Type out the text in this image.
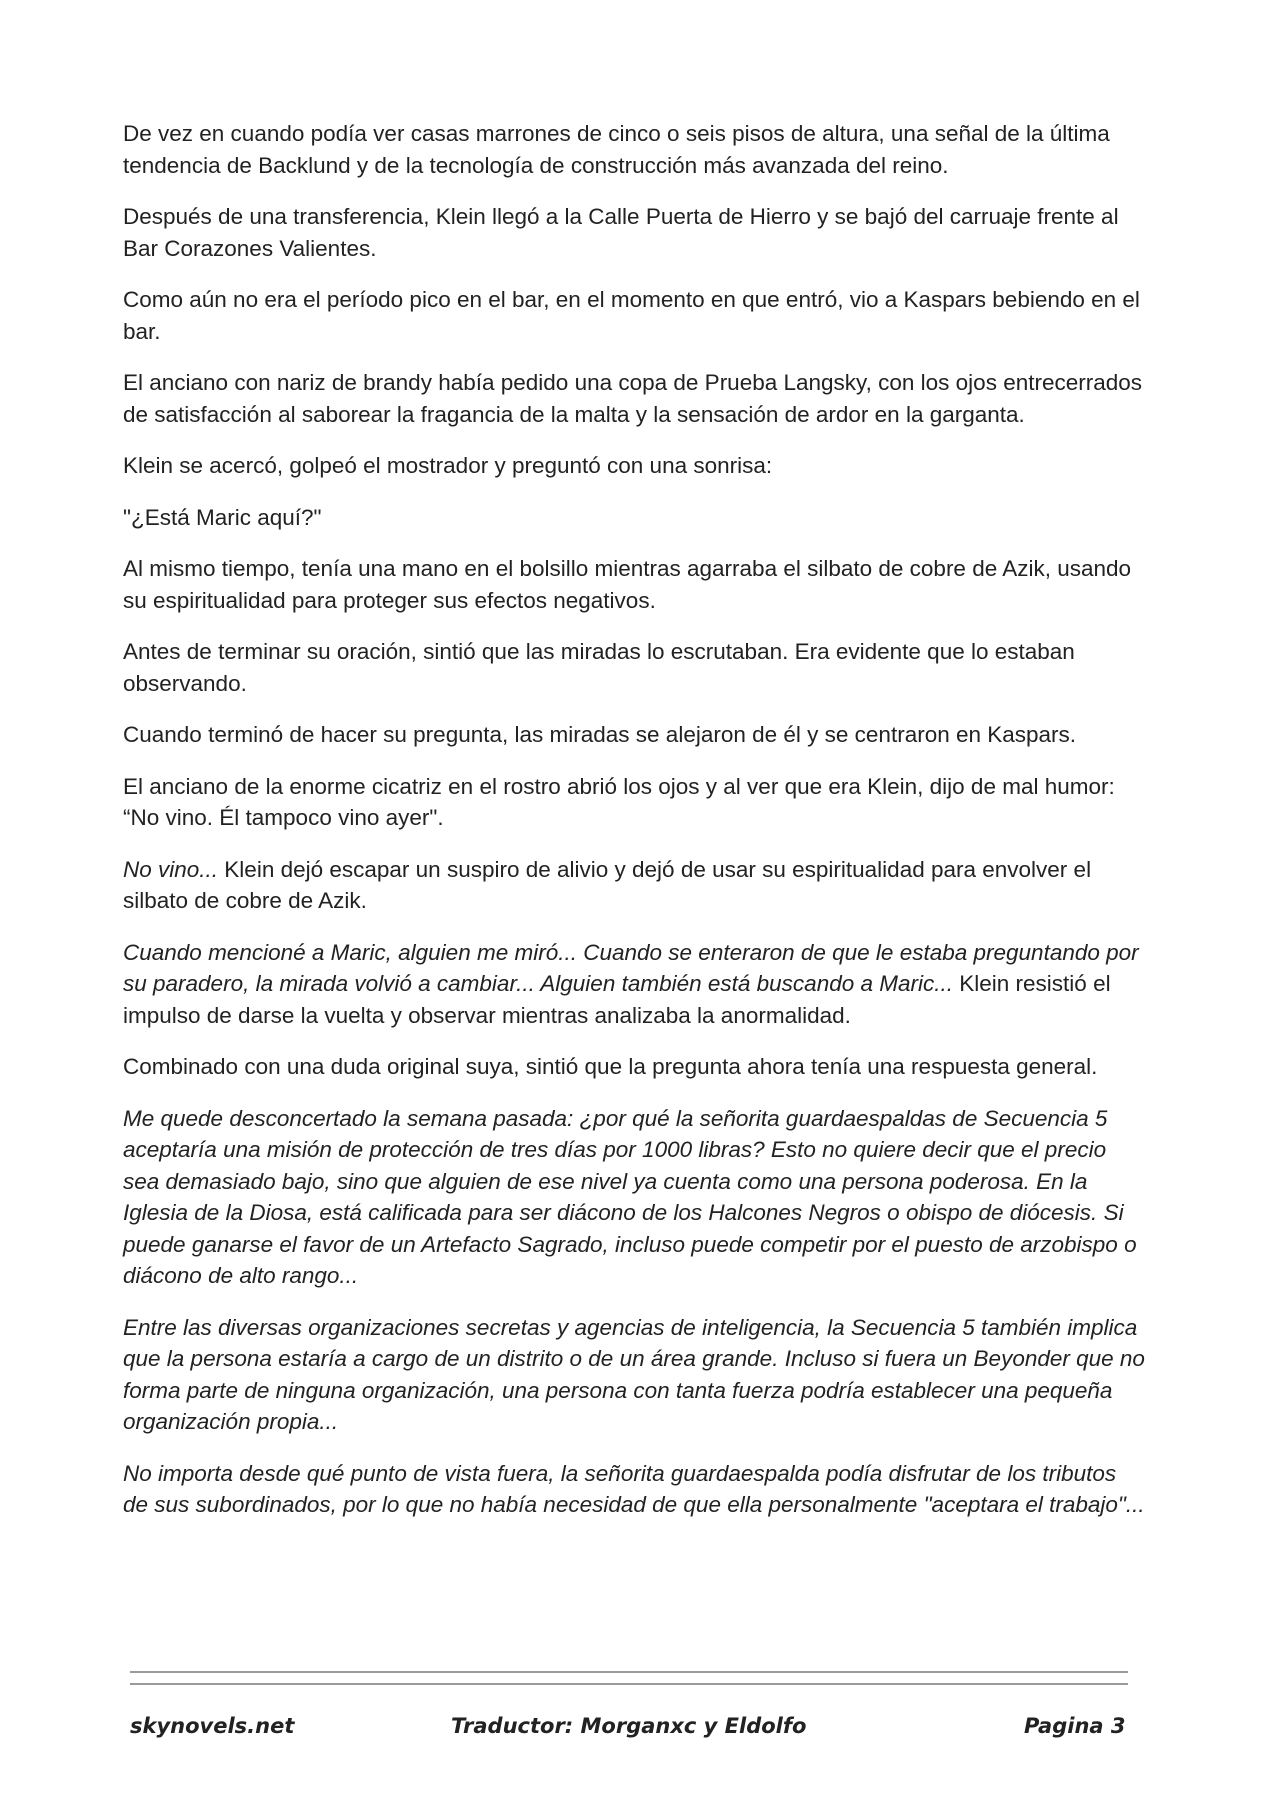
De vez en cuando podía ver casas marrones de cinco o seis pisos de altura, una señal de la última tendencia de Backlund y de la tecnología de construcción más avanzada del reino.

Después de una transferencia, Klein llegó a la Calle Puerta de Hierro y se bajó del carruaje frente al Bar Corazones Valientes.

Como aún no era el período pico en el bar, en el momento en que entró, vio a Kaspars bebiendo en el bar.

El anciano con nariz de brandy había pedido una copa de Prueba Langsky, con los ojos entrecerrados de satisfacción al saborear la fragancia de la malta y la sensación de ardor en la garganta.

Klein se acercó, golpeó el mostrador y preguntó con una sonrisa:

"¿Está Maric aquí?"

Al mismo tiempo, tenía una mano en el bolsillo mientras agarraba el silbato de cobre de Azik, usando su espiritualidad para proteger sus efectos negativos.

Antes de terminar su oración, sintió que las miradas lo escrutaban. Era evidente que lo estaban observando.

Cuando terminó de hacer su pregunta, las miradas se alejaron de él y se centraron en Kaspars.

El anciano de la enorme cicatriz en el rostro abrió los ojos y al ver que era Klein, dijo de mal humor: “No vino. Él tampoco vino ayer".

No vino... Klein dejó escapar un suspiro de alivio y dejó de usar su espiritualidad para envolver el silbato de cobre de Azik.

Cuando mencioné a Maric, alguien me miró... Cuando se enteraron de que le estaba preguntando por su paradero, la mirada volvió a cambiar... Alguien también está buscando a Maric... Klein resistió el impulso de darse la vuelta y observar mientras analizaba la anormalidad.

Combinado con una duda original suya, sintió que la pregunta ahora tenía una respuesta general.

Me quede desconcertado la semana pasada: ¿por qué la señorita guardaespaldas de Secuencia 5 aceptaría una misión de protección de tres días por 1000 libras? Esto no quiere decir que el precio sea demasiado bajo, sino que alguien de ese nivel ya cuenta como una persona poderosa. En la Iglesia de la Diosa, está calificada para ser diácono de los Halcones Negros o obispo de diócesis. Si puede ganarse el favor de un Artefacto Sagrado, incluso puede competir por el puesto de arzobispo o diácono de alto rango...

Entre las diversas organizaciones secretas y agencias de inteligencia, la Secuencia 5 también implica que la persona estaría a cargo de un distrito o de un área grande. Incluso si fuera un Beyonder que no forma parte de ninguna organización, una persona con tanta fuerza podría establecer una pequeña organización propia...

No importa desde qué punto de vista fuera, la señorita guardaespalda podía disfrutar de los tributos de sus subordinados, por lo que no había necesidad de que ella personalmente "aceptara el trabajo"...

skynovels.net	Traductor: Morganxc y Eldolfo	Pagina 3
